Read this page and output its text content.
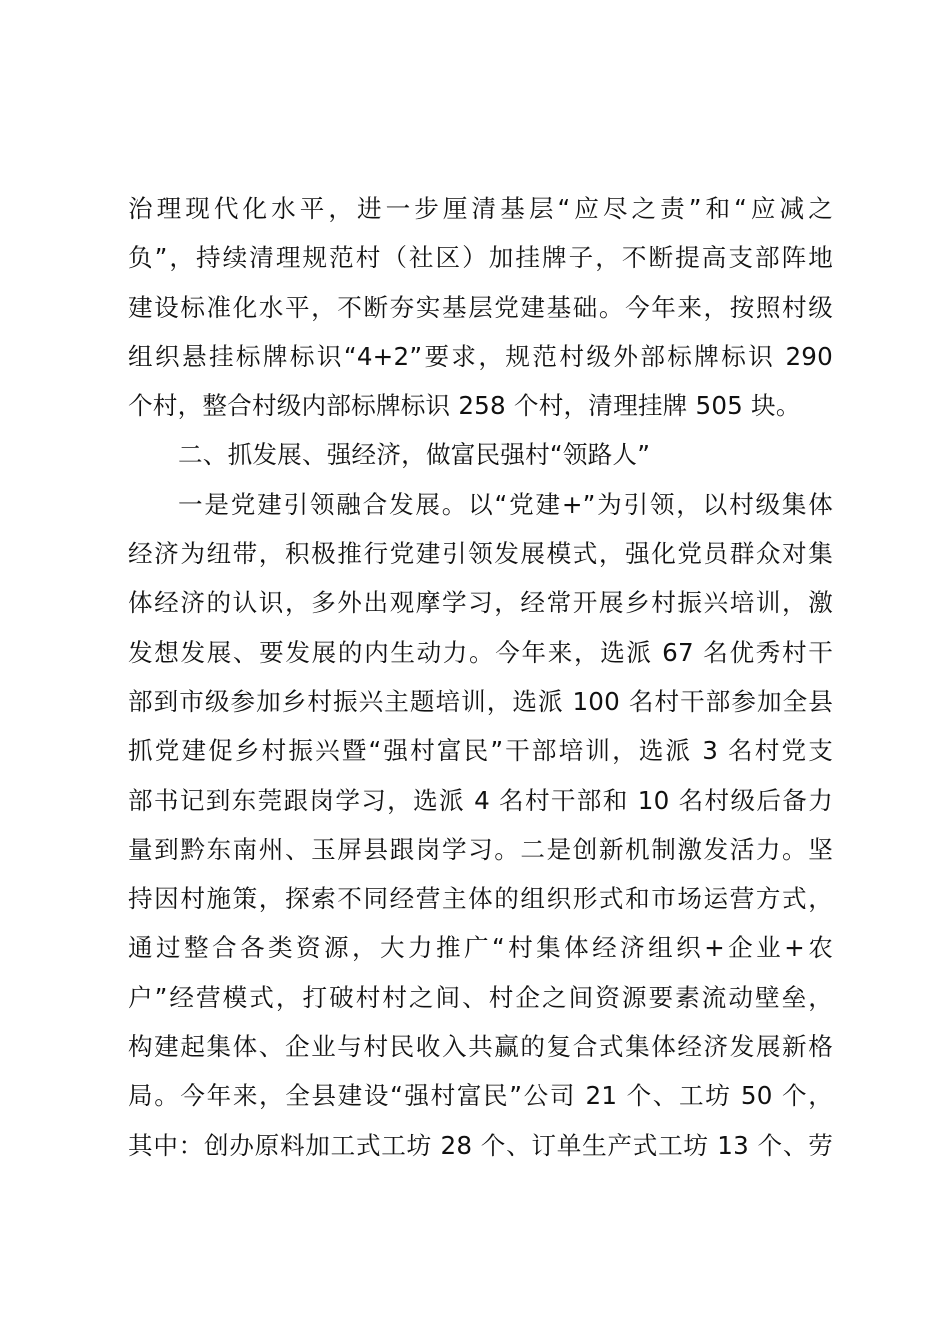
治理现代化水平，进一步厘清基层“应尽之责”和“应减之
负”，持续清理规范村（社区）加挂牌子，不断提高支部阵地
建设标准化水平，不断夯实基层党建基础。今年来，按照村级
组织悬挂标牌标识“4+2”要求，规范村级外部标牌标识 290
个村，整合村级内部标牌标识 258 个村，清理挂牌 505 块。
二、抓发展、强经济，做富民强村“领路人”
一是党建引领融合发展。以“党建+”为引领，以村级集体
经济为纽带，积极推行党建引领发展模式，强化党员群众对集
体经济的认识，多外出观摩学习，经常开展乡村振兴培训，激
发想发展、要发展的内生动力。今年来，选派 67 名优秀村干
部到市级参加乡村振兴主题培训，选派 100 名村干部参加全县
抓党建促乡村振兴暨“强村富民”干部培训，选派 3 名村党支
部书记到东莞跟岗学习，选派 4 名村干部和 10 名村级后备力
量到黔东南州、玉屏县跟岗学习。二是创新机制激发活力。坚
持因村施策，探索不同经营主体的组织形式和市场运营方式，
通过整合各类资源，大力推广“村集体经济组织+企业+农
户”经营模式，打破村村之间、村企之间资源要素流动壁垒，
构建起集体、企业与村民收入共赢的复合式集体经济发展新格
局。今年来，全县建设“强村富民”公司 21 个、工坊 50 个，
其中：创办原料加工式工坊 28 个、订单生产式工坊 13 个、劳
